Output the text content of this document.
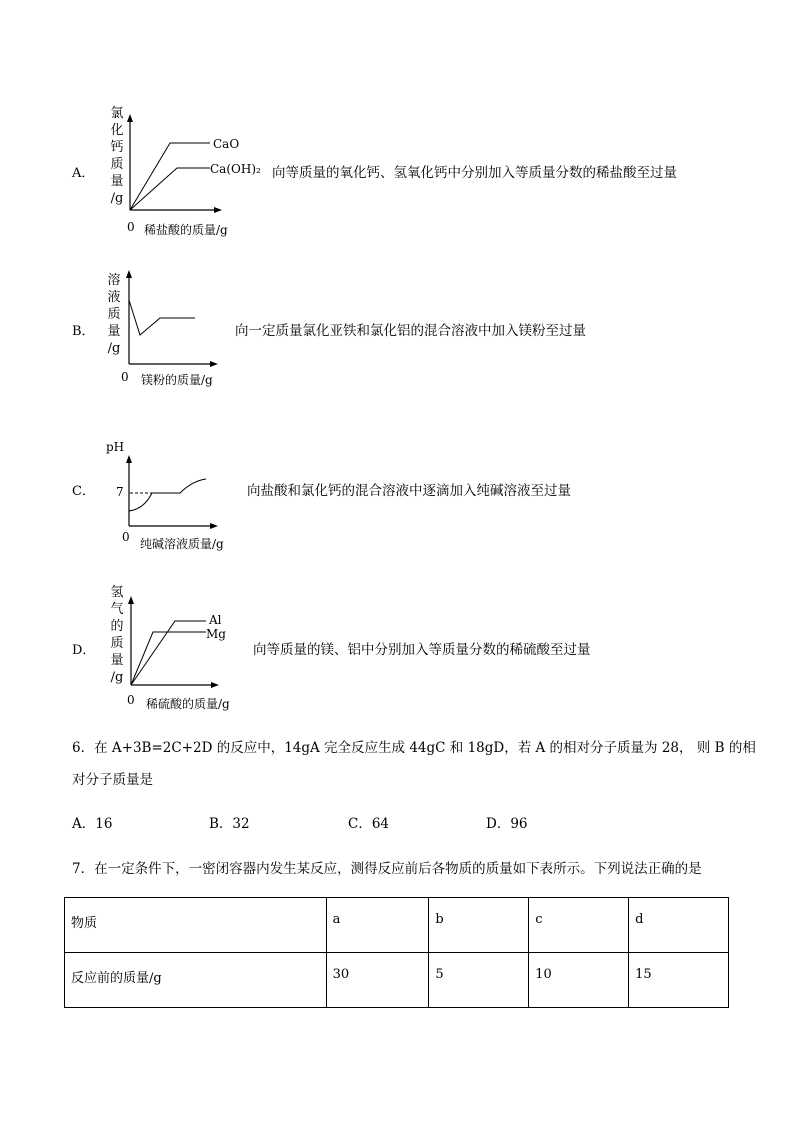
A．
氯
化
钙
质
量
/g
CaO
Ca(OH)₂
0 稀盐酸的质量/g
向等质量的氧化钙、氢氧化钙中分别加入等质量分数的稀盐酸至过量
B．
溶
液
质
量
/g
0 镁粉的质量/g
向一定质量氯化亚铁和氯化铝的混合溶液中加入镁粉至过量
C．
pH
7
0 纯碱溶液质量/g
向盐酸和氯化钙的混合溶液中逐滴加入纯碱溶液至过量
D．
氢
气
的
质
量
/g
Al
Mg
0 稀硫酸的质量/g
向等质量的镁、铝中分别加入等质量分数的稀硫酸至过量
6．在 A+3B=2C+2D 的反应中，14gA 完全反应生成 44gC 和 18gD，若 A 的相对分子质量为 28， 则 B 的相
对分子质量是
A．16	B．32	C．64	D．96
7．在一定条件下，一密闭容器内发生某反应，测得反应前后各物质的质量如下表所示。下列说法正确的是
物质	a	b	c	d
反应前的质量/g	30	5	10	15
